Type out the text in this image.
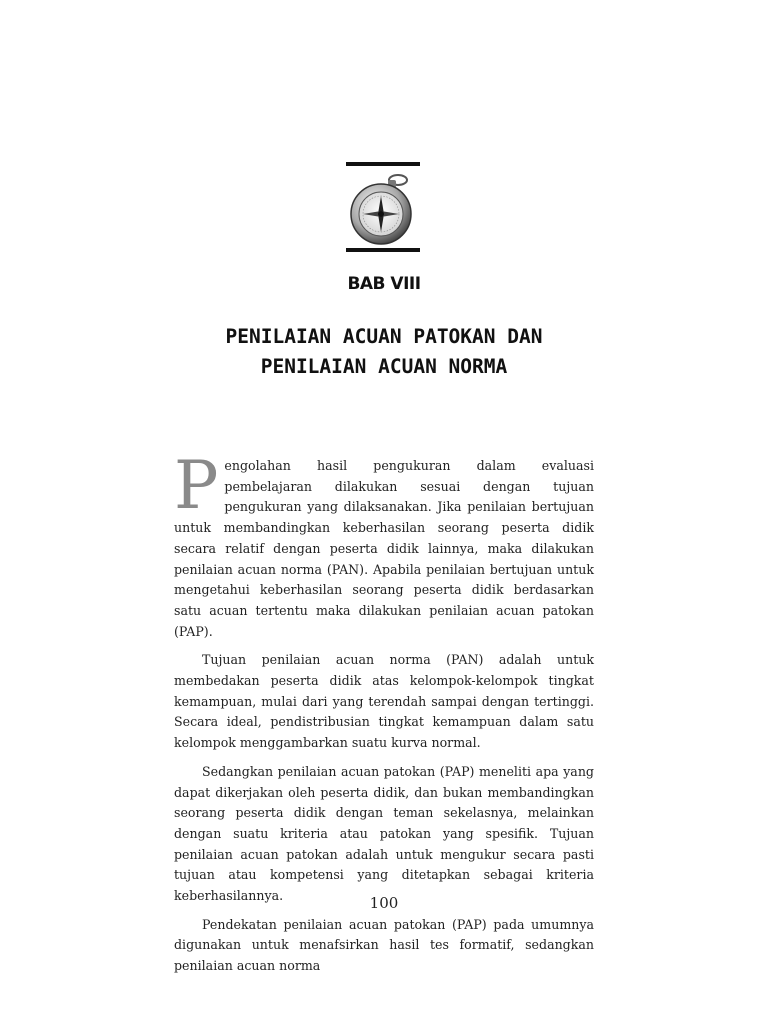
BAB VIII
PENILAIAN ACUAN PATOKAN DAN
PENILAIAN ACUAN NORMA

Pengolahan hasil pengukuran dalam evaluasi pembelajaran dilakukan sesuai dengan tujuan pengukuran yang dilaksanakan. Jika penilaian bertujuan untuk membandingkan keberhasilan seorang peserta didik secara relatif dengan peserta didik lainnya, maka dilakukan penilaian acuan norma (PAN). Apabila penilaian bertujuan untuk mengetahui keberhasilan seorang peserta didik berdasarkan satu acuan tertentu maka dilakukan penilaian acuan patokan (PAP).

Tujuan penilaian acuan norma (PAN) adalah untuk membedakan peserta didik atas kelompok-kelompok tingkat kemampuan, mulai dari yang terendah sampai dengan tertinggi. Secara ideal, pendistribusian tingkat kemampuan dalam satu kelompok menggambarkan suatu kurva normal.

Sedangkan penilaian acuan patokan (PAP) meneliti apa yang dapat dikerjakan oleh peserta didik, dan bukan membandingkan seorang peserta didik dengan teman sekelasnya, melainkan dengan suatu kriteria atau patokan yang spesifik. Tujuan penilaian acuan patokan adalah untuk mengukur secara pasti tujuan atau kompetensi yang ditetapkan sebagai kriteria keberhasilannya.

Pendekatan penilaian acuan patokan (PAP) pada umumnya digunakan untuk menafsirkan hasil tes formatif, sedangkan penilaian acuan norma

100
